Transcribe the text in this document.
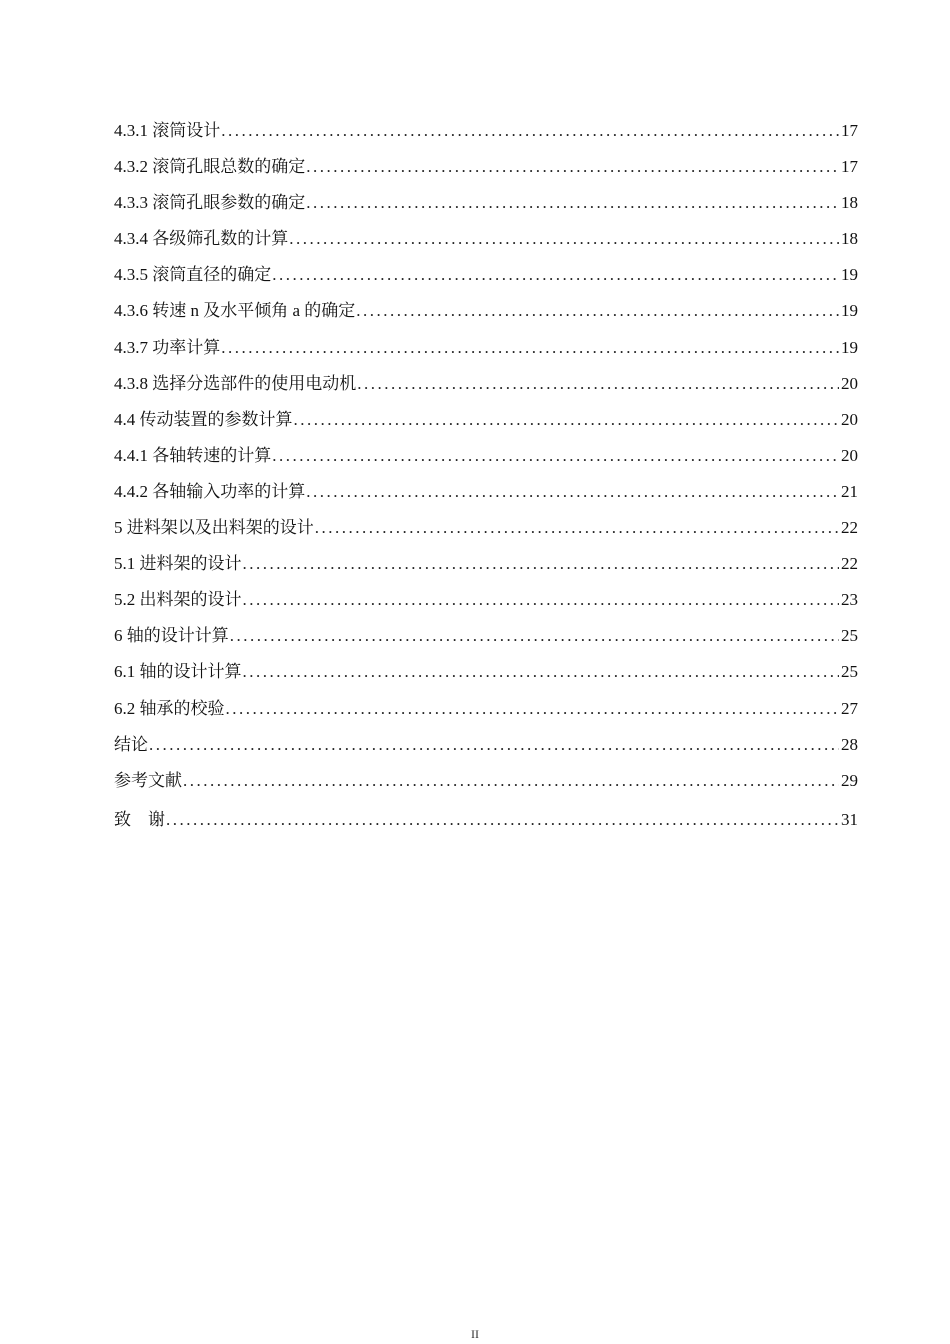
4.3.1 滚筒设计 .....	17
4.3.2 滚筒孔眼总数的确定 .....	17
4.3.3 滚筒孔眼参数的确定 .....	18
4.3.4 各级筛孔数的计算 .....	18
4.3.5 滚筒直径的确定 .....	19
4.3.6 转速 n 及水平倾角 a 的确定 .....	19
4.3.7 功率计算 .....	19
4.3.8 选择分选部件的使用电动机 .....	20
4.4 传动装置的参数计算 .....	20
4.4.1 各轴转速的计算 .....	20
4.4.2 各轴输入功率的计算 .....	21
5 进料架以及出料架的设计 .....	22
5.1 进料架的设计 .....	22
5.2 出料架的设计 .....	23
6 轴的设计计算 .....	25
6.1 轴的设计计算 .....	25
6.2 轴承的校验 .....	27
结论 .....	28
参考文献 .....	29
致    谢 .....	31
II
